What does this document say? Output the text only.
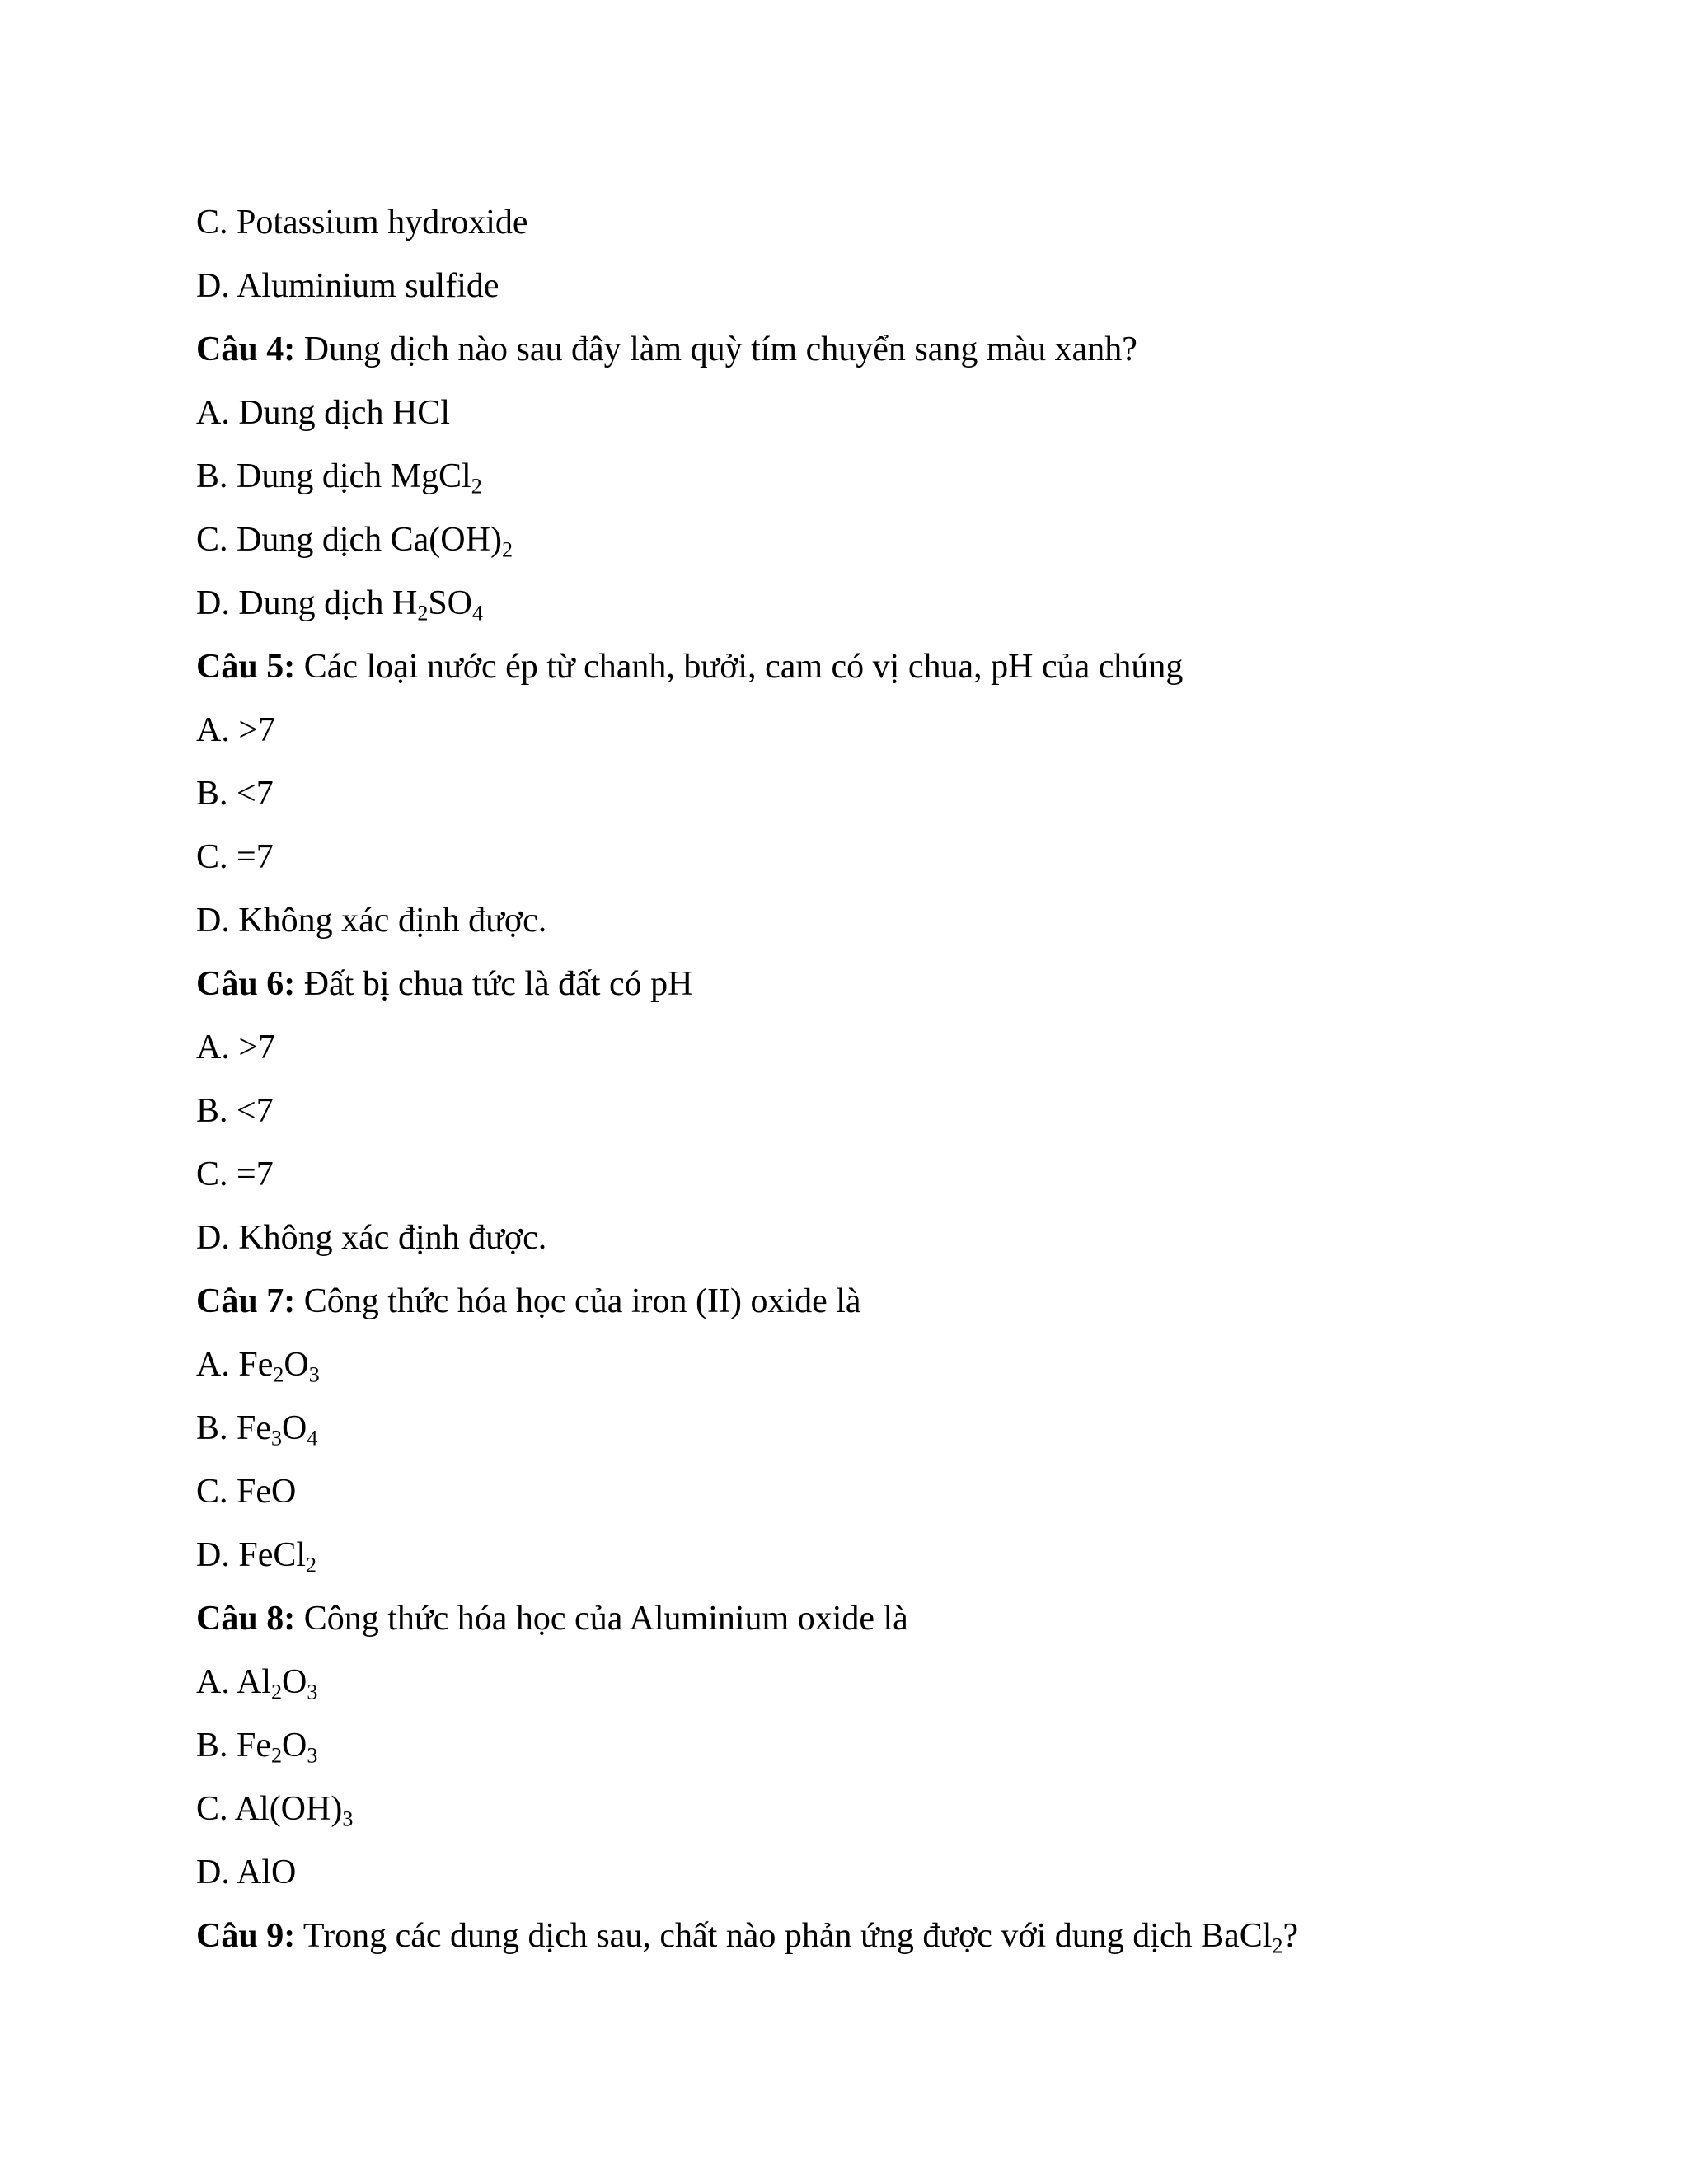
C. Potassium hydroxide
D. Aluminium sulfide
Câu 4: Dung dịch nào sau đây làm quỳ tím chuyển sang màu xanh?
A. Dung dịch HCl
B. Dung dịch MgCl$_2$
C. Dung dịch $Ca(OH)_2$
D. Dung dịch $H_2SO_4$
Câu 5: Các loại nước ép từ chanh, bưởi, cam có vị chua, pH của chúng
A. >7
B. <7
C. =7
D. Không xác định được.
Câu 6: Đất bị chua tức là đất có pH
A. >7
B. <7
C. =7
D. Không xác định được.
Câu 7: Công thức hóa học của iron (II) oxide là
A. $Fe_2O_3$
B. $Fe_3O_4$
C. FeO
D. FeCl$_2$
Câu 8: Công thức hóa học của Aluminium oxide là
A. $Al_2O_3$
B. $Fe_2O_3$
C. $Al(OH)_3$
D. AlO
Câu 9: Trong các dung dịch sau, chất nào phản ứng được với dung dịch BaCl$_2$?
